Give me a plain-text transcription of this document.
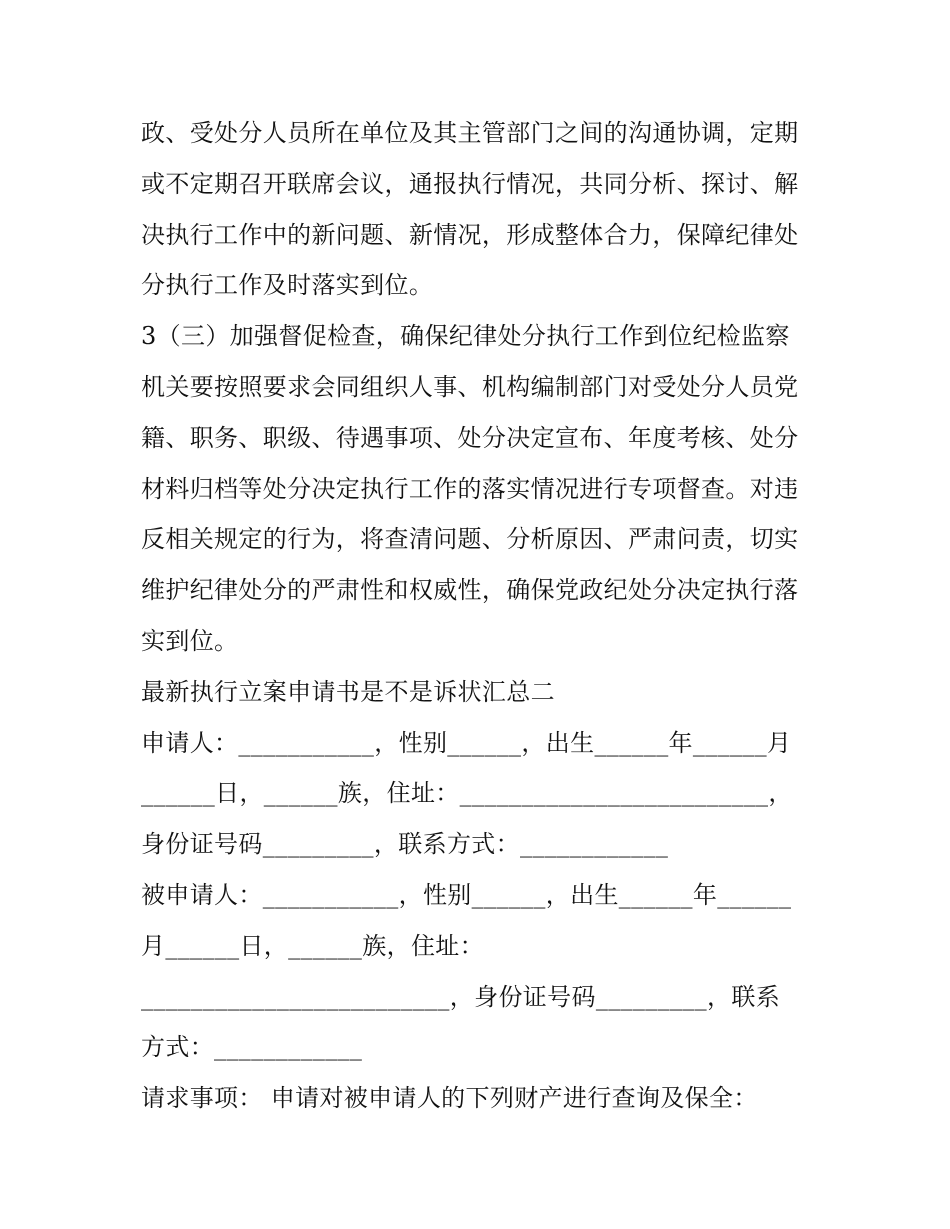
政、受处分人员所在单位及其主管部门之间的沟通协调，定期
或不定期召开联席会议，通报执行情况，共同分析、探讨、解
决执行工作中的新问题、新情况，形成整体合力，保障纪律处
分执行工作及时落实到位。
3（三）加强督促检查，确保纪律处分执行工作到位纪检监察
机关要按照要求会同组织人事、机构编制部门对受处分人员党
籍、职务、职级、待遇事项、处分决定宣布、年度考核、处分
材料归档等处分决定执行工作的落实情况进行专项督查。对违
反相关规定的行为，将查清问题、分析原因、严肃问责，切实
维护纪律处分的严肃性和权威性，确保党政纪处分决定执行落
实到位。
最新执行立案申请书是不是诉状汇总二
申请人：___________，性别______，出生______年______月
______日，______族，住址：_________________________，
身份证号码_________，联系方式：____________
被申请人：___________，性别______，出生______年______
月______日，______族，住址：
_________________________，身份证号码_________，联系
方式：____________
请求事项： 申请对被申请人的下列财产进行查询及保全：
